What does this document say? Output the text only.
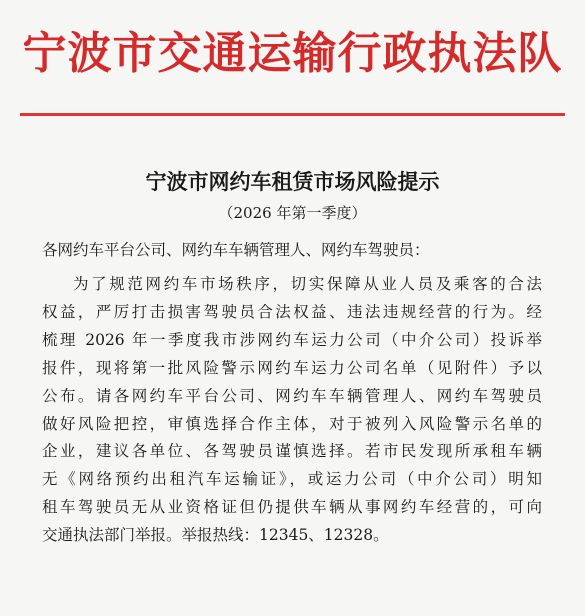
宁波市交通运输行政执法队
宁波市网约车租赁市场风险提示
（2026 年第一季度）
各网约车平台公司、网约车车辆管理人、网约车驾驶员：
为了规范网约车市场秩序，切实保障从业人员及乘客的合法
权益，严厉打击损害驾驶员合法权益、违法违规经营的行为。经
梳理 2026 年一季度我市涉网约车运力公司（中介公司）投诉举
报件，现将第一批风险警示网约车运力公司名单（见附件）予以
公布。请各网约车平台公司、网约车车辆管理人、网约车驾驶员
做好风险把控，审慎选择合作主体，对于被列入风险警示名单的
企业，建议各单位、各驾驶员谨慎选择。若市民发现所承租车辆
无《网络预约出租汽车运输证》，或运力公司（中介公司）明知
租车驾驶员无从业资格证但仍提供车辆从事网约车经营的，可向
交通执法部门举报。举报热线：12345、12328。
